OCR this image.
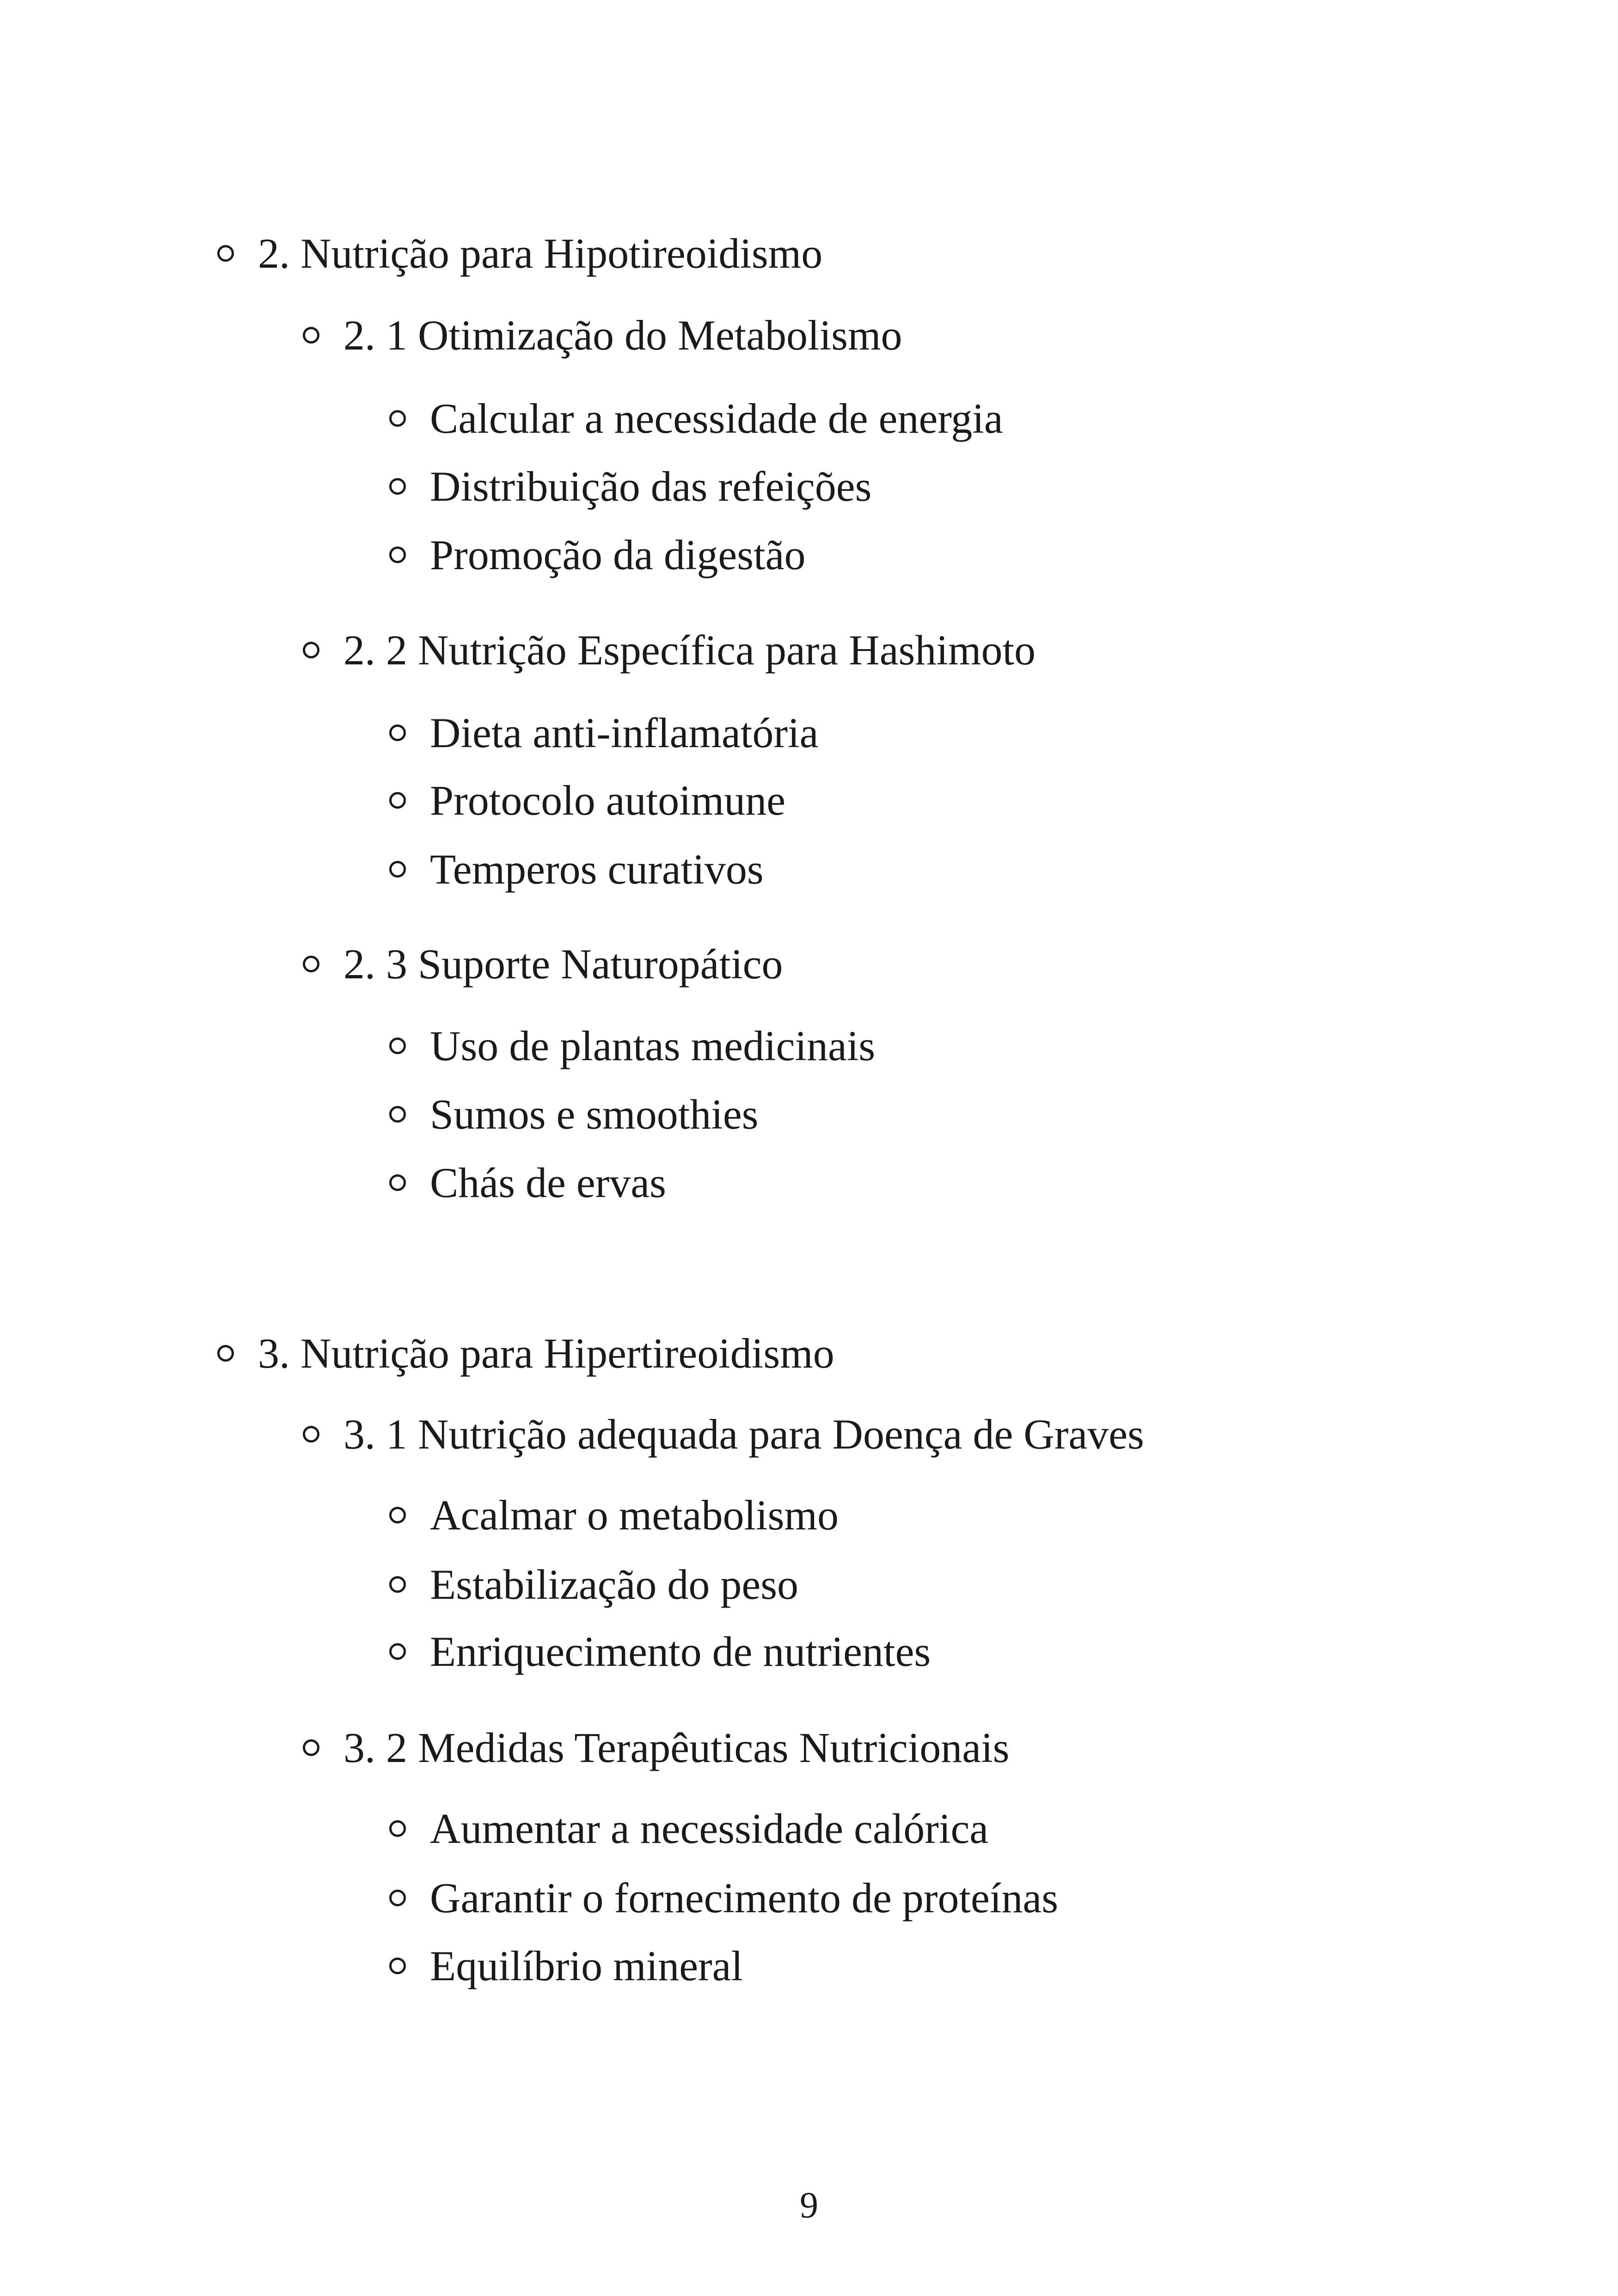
2. Nutrição para Hipotireoidismo
2. 1 Otimização do Metabolismo
Calcular a necessidade de energia
Distribuição das refeições
Promoção da digestão
2. 2 Nutrição Específica para Hashimoto
Dieta anti-inflamatória
Protocolo autoimune
Temperos curativos
2. 3 Suporte Naturopático
Uso de plantas medicinais
Sumos e smoothies
Chás de ervas
3. Nutrição para Hipertireoidismo
3. 1 Nutrição adequada para Doença de Graves
Acalmar o metabolismo
Estabilização do peso
Enriquecimento de nutrientes
3. 2 Medidas Terapêuticas Nutricionais
Aumentar a necessidade calórica
Garantir o fornecimento de proteínas
Equilíbrio mineral
9
